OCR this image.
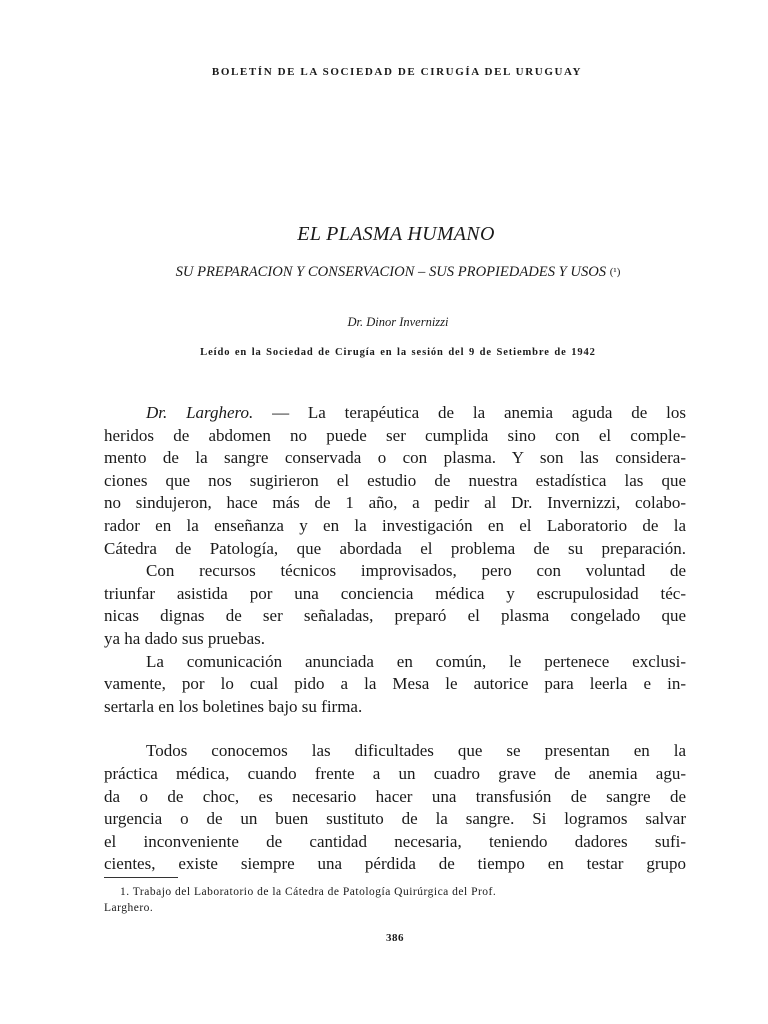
BOLETÍN DE LA SOCIEDAD DE CIRUGÍA DEL URUGUAY
EL PLASMA HUMANO
SU PREPARACION Y CONSERVACION – SUS PROPIEDADES Y USOS (¹)
Dr. Dinor Invernizzi
Leído en la Sociedad de Cirugía en la sesión del 9 de Setiembre de 1942
Dr. Larghero. — La terapéutica de la anemia aguda de los
heridos de abdomen no puede ser cumplida sino con el comple-
mento de la sangre conservada o con plasma. Y son las considera-
ciones que nos sugirieron el estudio de nuestra estadística las que
no sindujeron, hace más de 1 año, a pedir al Dr. Invernizzi, colabo-
rador en la enseñanza y en la investigación en el Laboratorio de la
Cátedra de Patología, que abordada el problema de su preparación.
Con recursos técnicos improvisados, pero con voluntad de
triunfar asistida por una conciencia médica y escrupulosidad téc-
nicas dignas de ser señaladas, preparó el plasma congelado que
ya ha dado sus pruebas.
La comunicación anunciada en común, le pertenece exclusi-
vamente, por lo cual pido a la Mesa le autorice para leerla e in-
sertarla en los boletines bajo su firma.
Todos conocemos las dificultades que se presentan en la
práctica médica, cuando frente a un cuadro grave de anemia agu-
da o de choc, es necesario hacer una transfusión de sangre de
urgencia o de un buen sustituto de la sangre. Si logramos salvar
el inconveniente de cantidad necesaria, teniendo dadores sufi-
cientes, existe siempre una pérdida de tiempo en testar grupo
1. Trabajo del Laboratorio de la Cátedra de Patología Quirúrgica del Prof.
Larghero.
386
